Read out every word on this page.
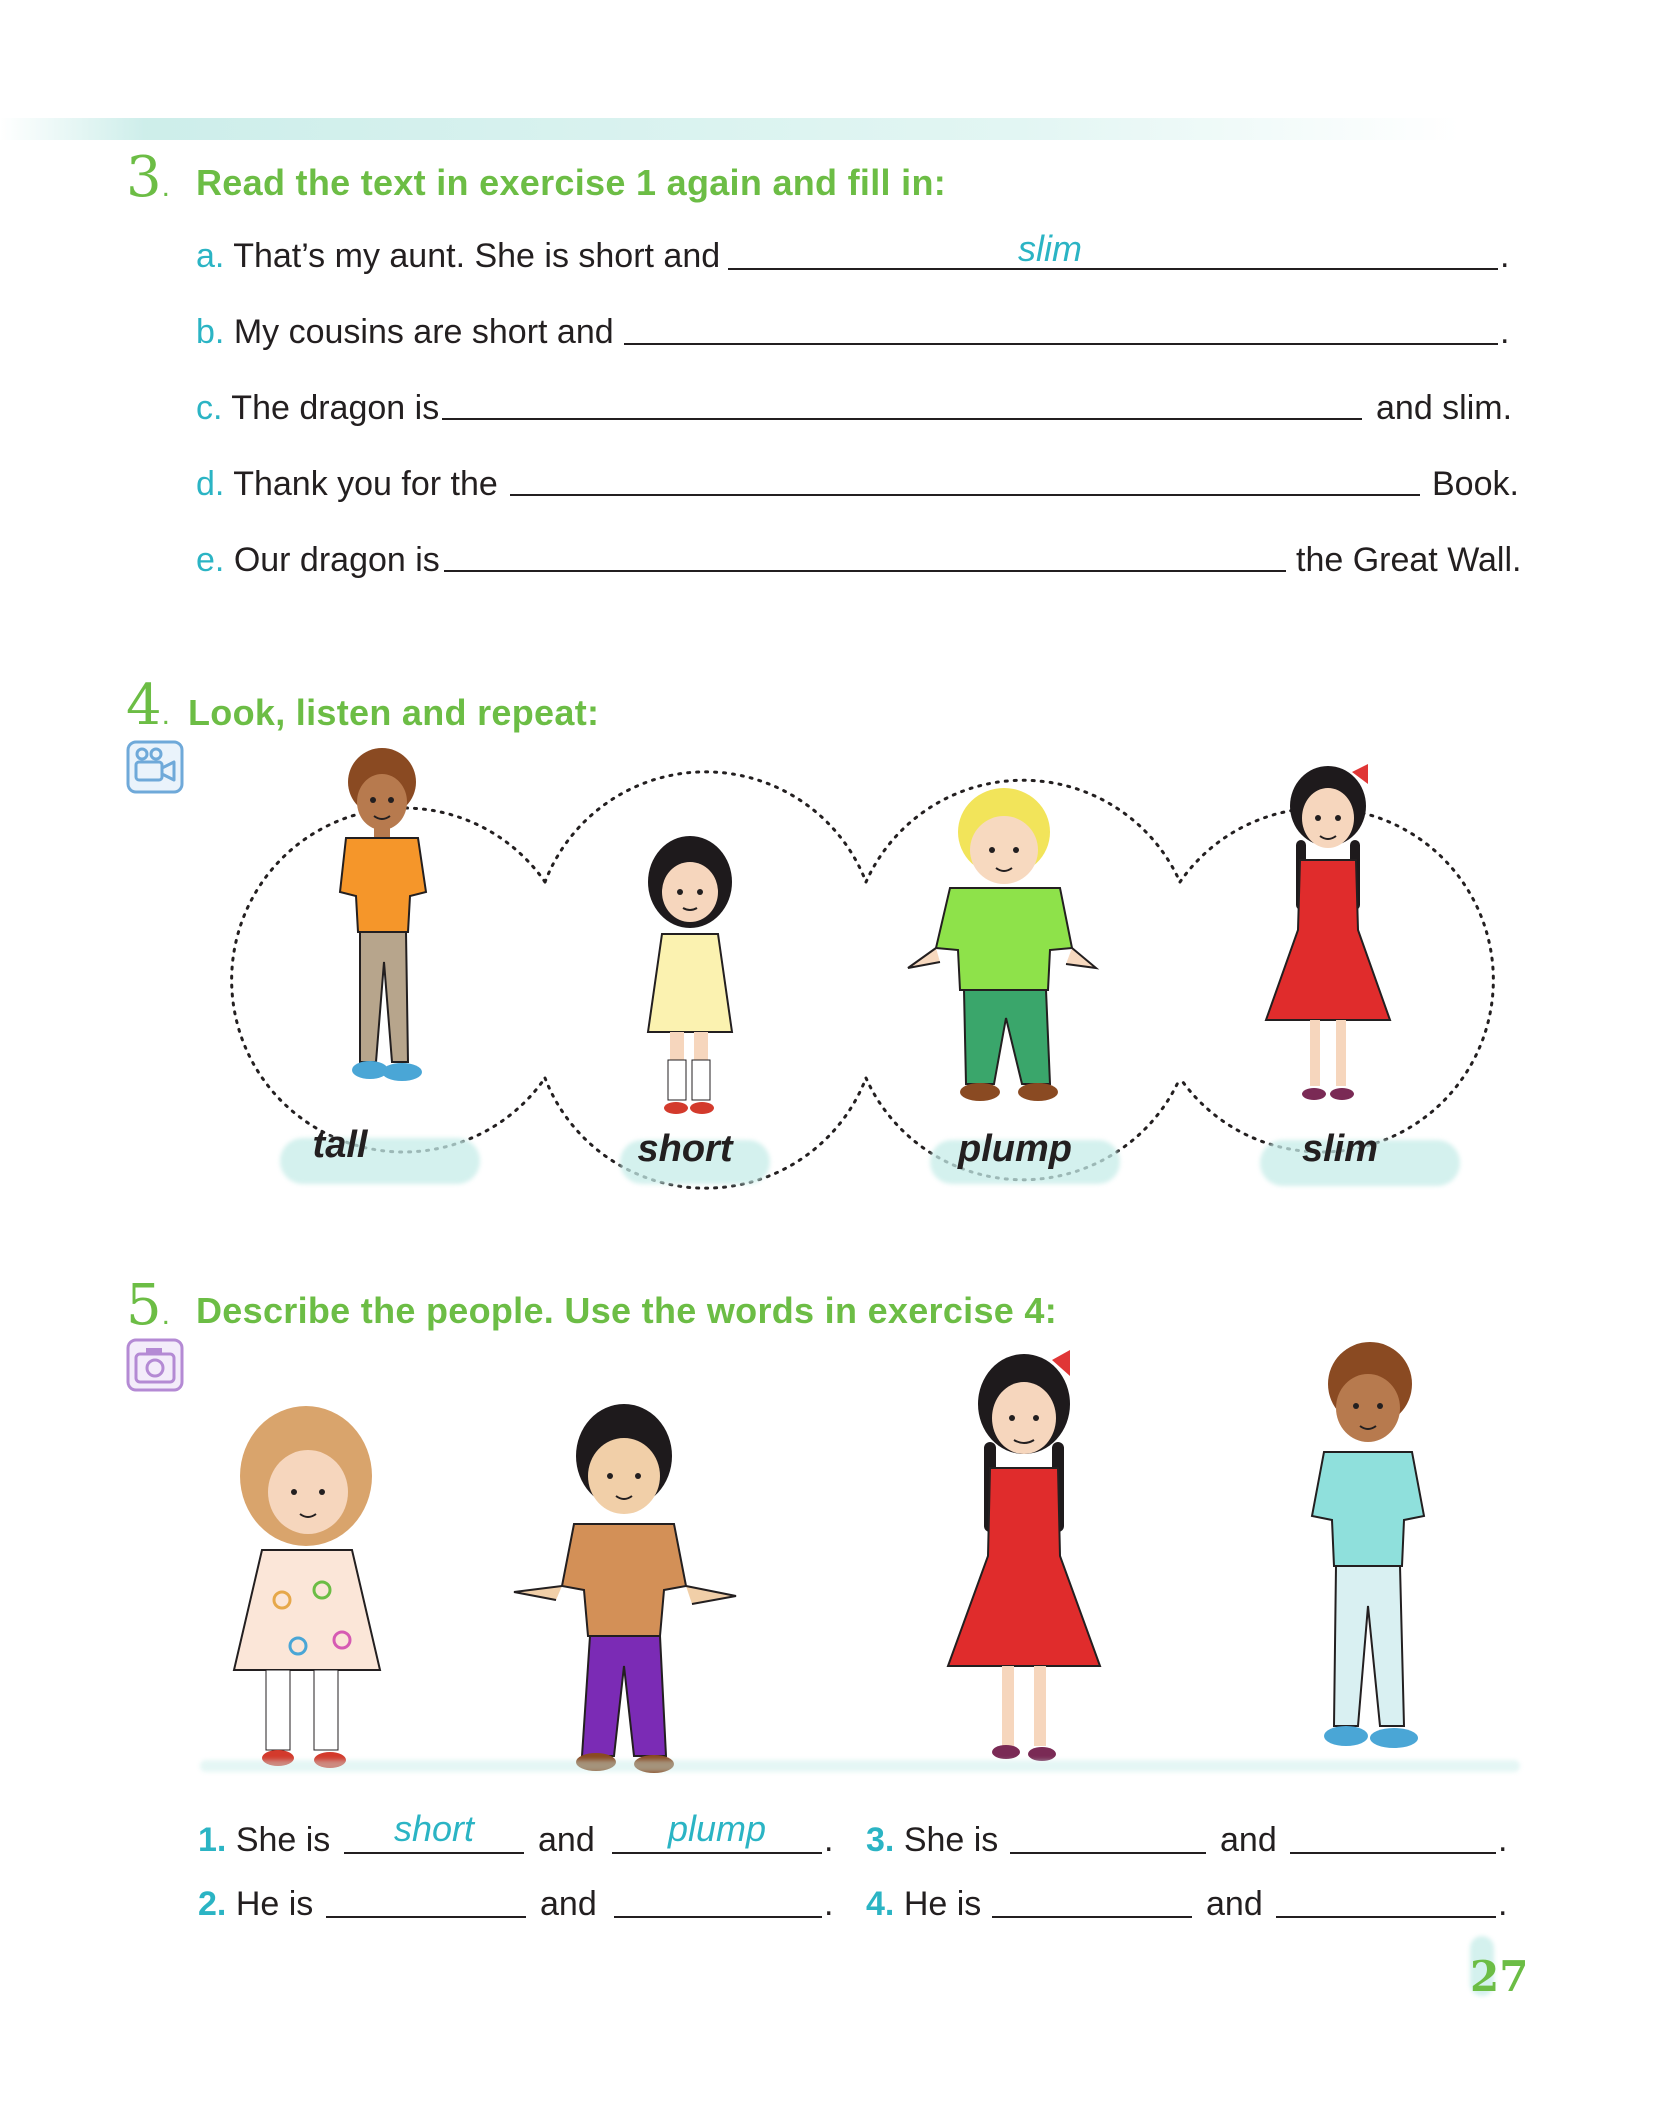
3. Read the text in exercise 1 again and fill in:
a. That’s my aunt. She is short and	slim	.
b. My cousins are short and	.
c. The dragon is	and slim.
d. Thank you for the	Book.
e. Our dragon is	the Great Wall.
4. Look, listen and repeat:
tall	short	plump	slim
5. Describe the people. Use the words in exercise 4:
1. She is	short	and	plump	.
2. He is	and	.
3. She is	and	.
4. He is	and	.
27
